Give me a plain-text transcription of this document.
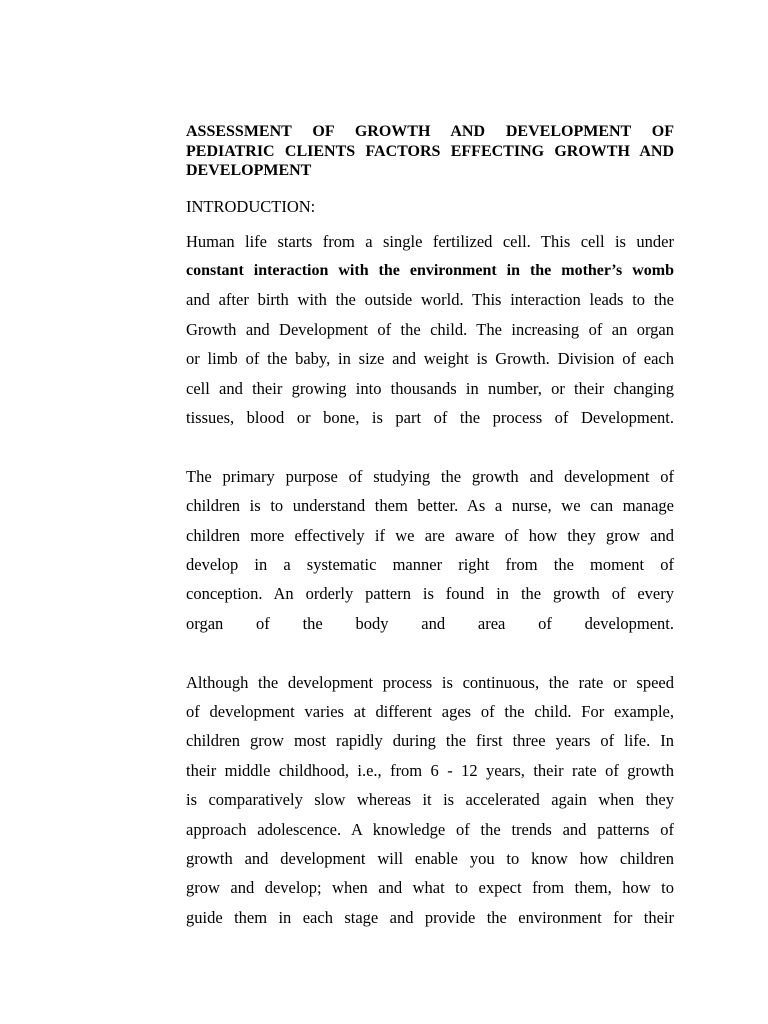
ASSESSMENT OF GROWTH AND DEVELOPMENT OF PEDIATRIC CLIENTS FACTORS EFFECTING GROWTH AND DEVELOPMENT

INTRODUCTION:

Human life starts from a single fertilized cell. This cell is under
constant interaction with the environment in the mother’s womb
and after birth with the outside world. This interaction leads to the
Growth and Development of the child. The increasing of an organ
or limb of the baby, in size and weight is Growth. Division of each
cell and their growing into thousands in number, or their changing
tissues, blood or bone, is part of the process of Development.

The primary purpose of studying the growth and development of
children is to understand them better. As a nurse, we can manage
children more effectively if we are aware of how they grow and
develop in a systematic manner right from the moment of
conception. An orderly pattern is found in the growth of every
organ of the body and area of development.

Although the development process is continuous, the rate or speed
of development varies at different ages of the child. For example,
children grow most rapidly during the first three years of life. In
their middle childhood, i.e., from 6 - 12 years, their rate of growth
is comparatively slow whereas it is accelerated again when they
approach adolescence. A knowledge of the trends and patterns of
growth and development will enable you to know how children
grow and develop; when and what to expect from them, how to
guide them in each stage and provide the environment for their
